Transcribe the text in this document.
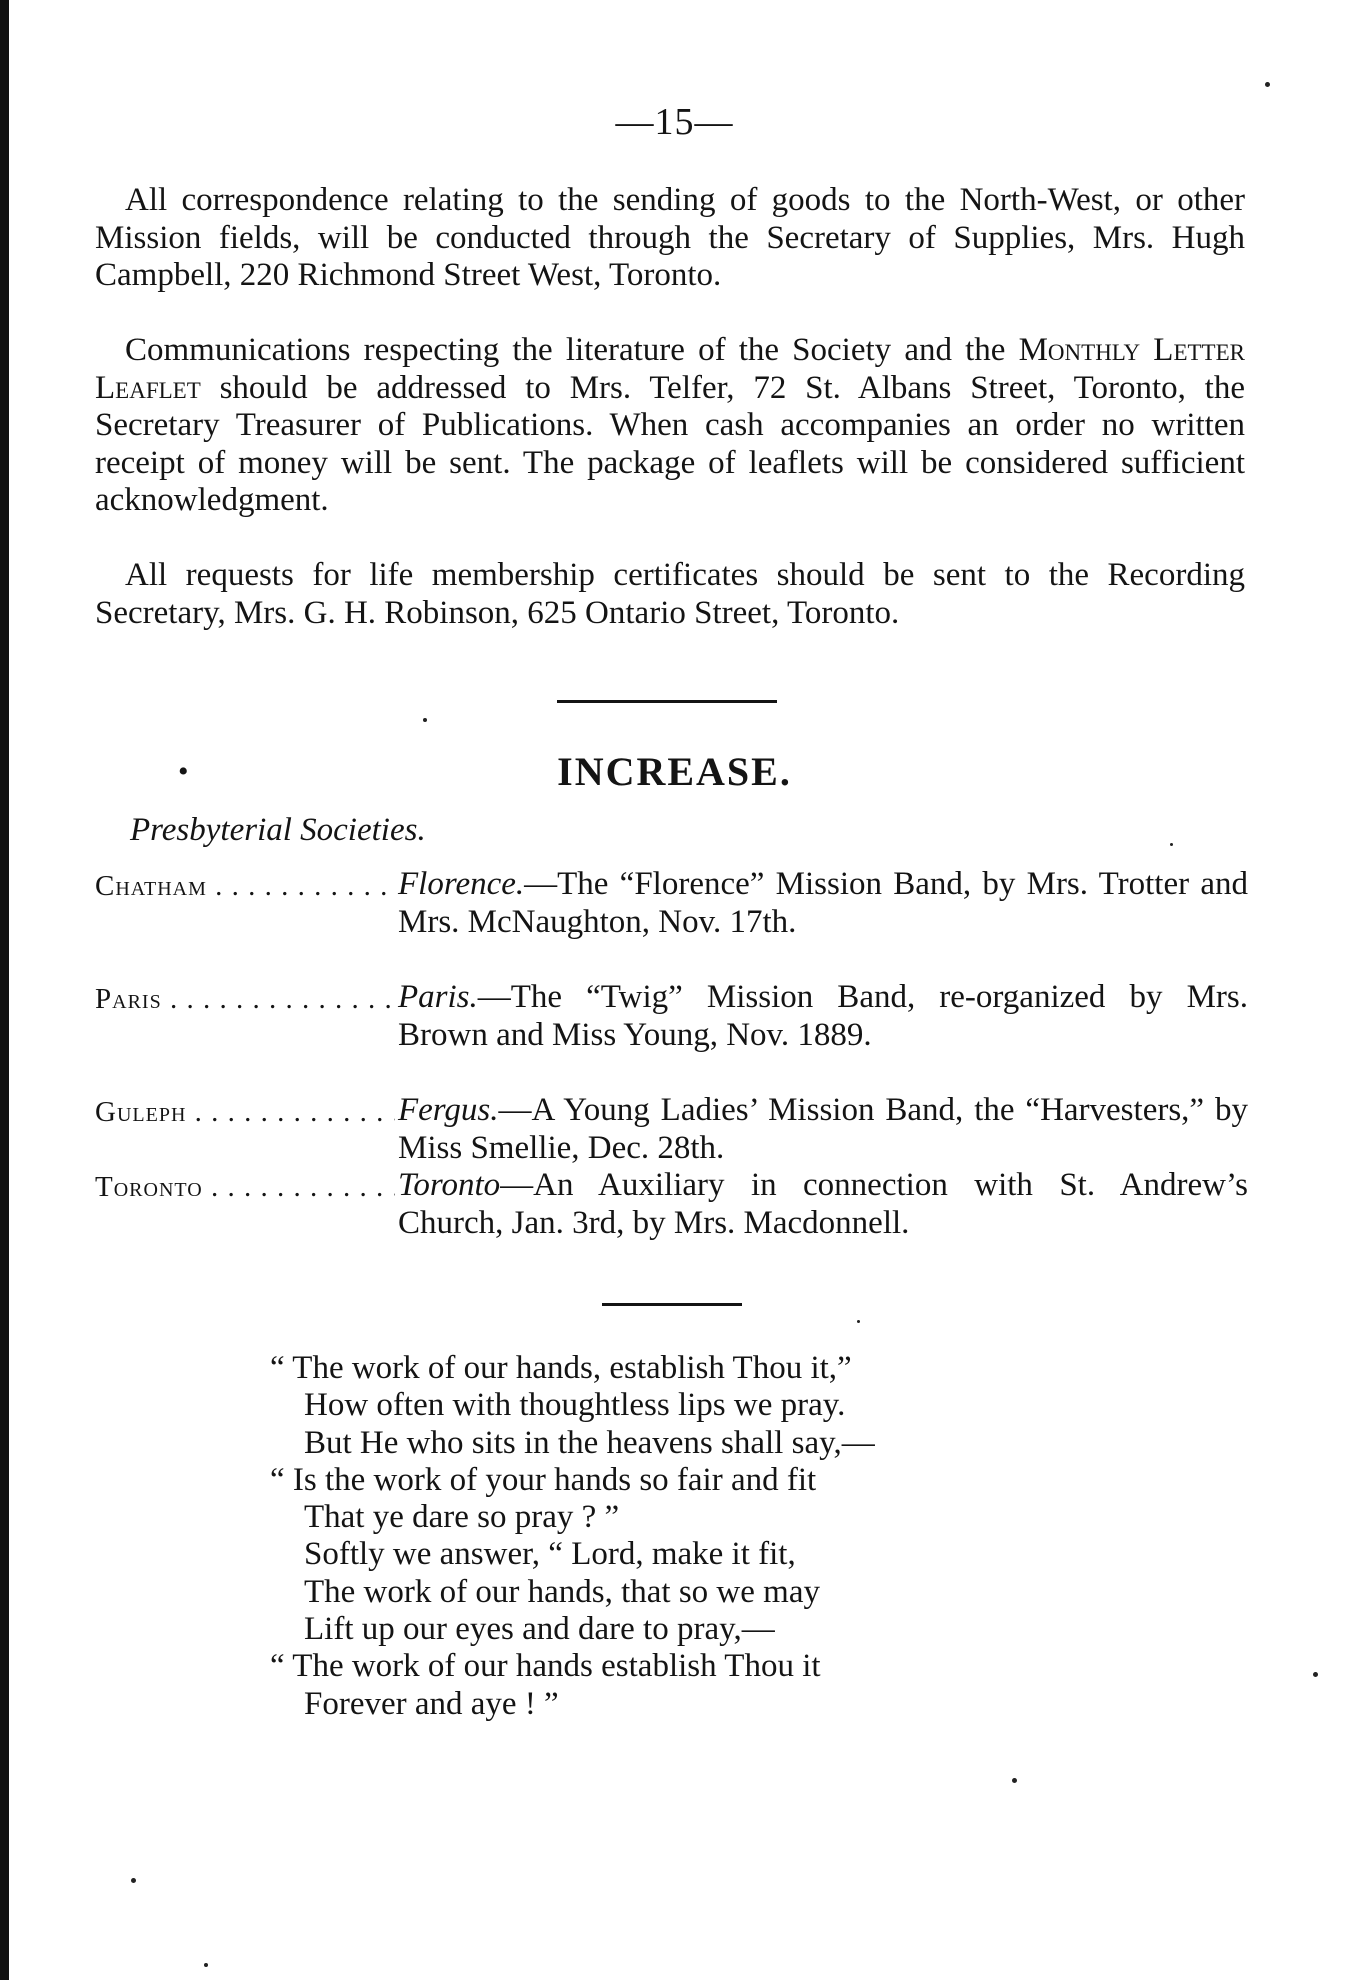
—15—

All correspondence relating to the sending of goods to the North-West, or other Mission fields, will be conducted through the Secretary of Supplies, Mrs. Hugh Campbell, 220 Richmond Street West, Toronto.

Communications respecting the literature of the Society and the Monthly Letter Leaflet should be addressed to Mrs. Telfer, 72 St. Albans Street, Toronto, the Secretary Treasurer of Publications. When cash accompanies an order no written receipt of money will be sent. The package of leaflets will be considered sufficient acknowledgment.

All requests for life membership certificates should be sent to the Recording Secretary, Mrs. G. H. Robinson, 625 Ontario Street, Toronto.

•	INCREASE.
Presbyterial Societies.
Chatham . . .	Florence.—The “Florence” Mission Band, by Mrs. Trotter and Mrs. McNaughton, Nov. 17th.

Paris . . .	Paris.—The “Twig” Mission Band, re-organized by Mrs. Brown and Miss Young, Nov. 1889.

Guleph . . .	Fergus.—A Young Ladies’ Mission Band, the “Harvesters,” by Miss Smellie, Dec. 28th.

Toronto . . .	Toronto—An Auxiliary in connection with St. Andrew’s Church, Jan. 3rd, by Mrs. Macdonnell.

“ The work of our hands, establish Thou it,”
How often with thoughtless lips we pray.
But He who sits in the heavens shall say,—
“ Is the work of your hands so fair and fit
That ye dare so pray ? ”
Softly we answer, “ Lord, make it fit,
The work of our hands, that so we may
Lift up our eyes and dare to pray,—
“ The work of our hands establish Thou it
Forever and aye ! ”
